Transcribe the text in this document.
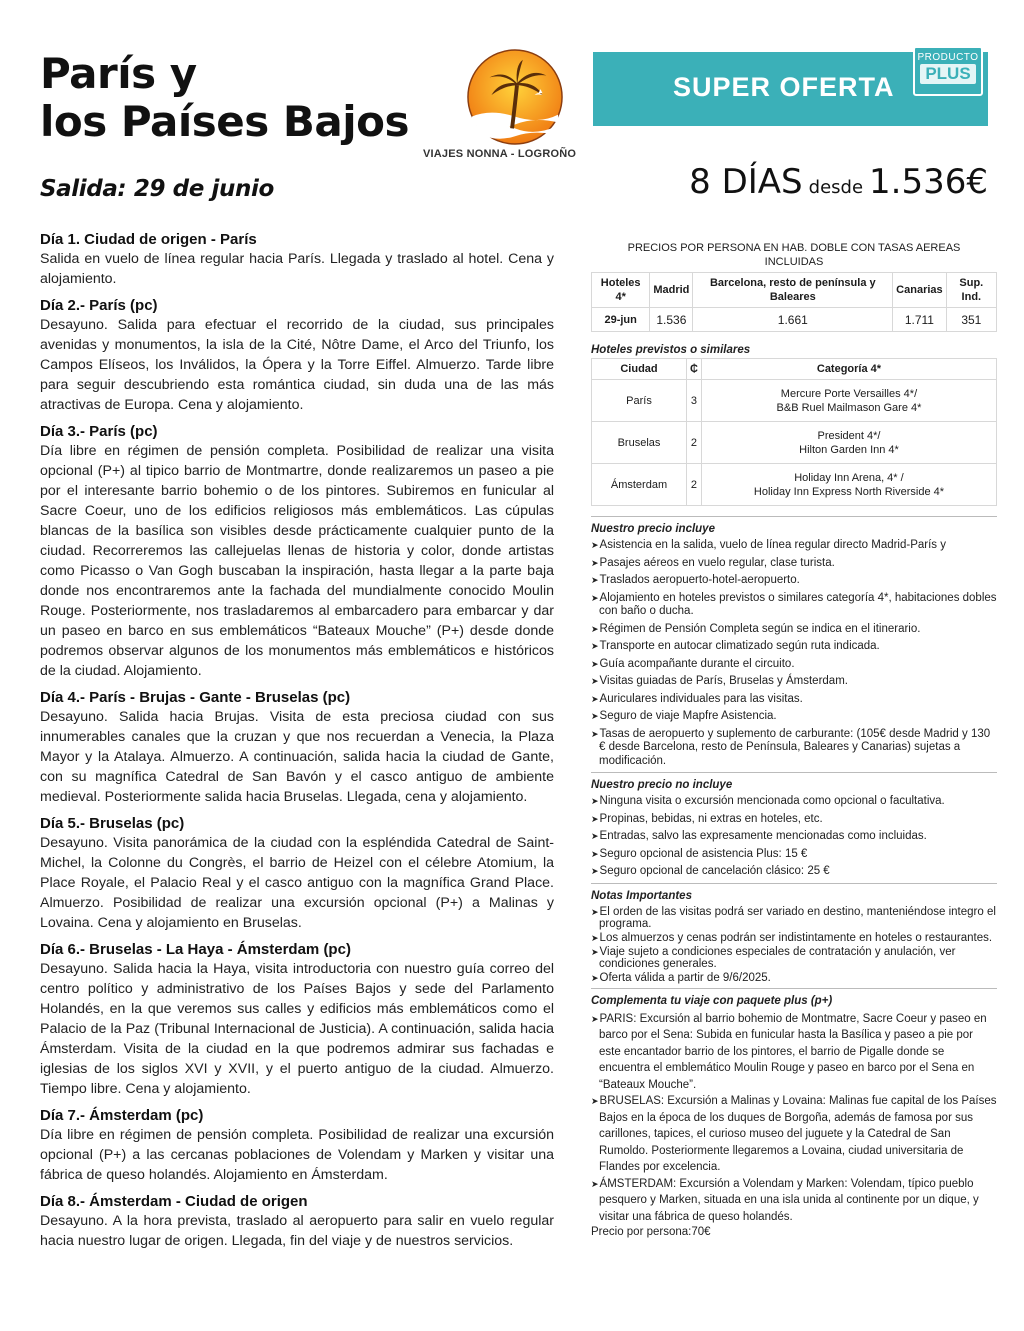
París y
los Países Bajos
VIAJES NONNA - LOGROÑO
Salida: 29 de junio
SUPER OFERTA
PRODUCTO
PLUS
8 DÍAS desde 1.536€
Día 1. Ciudad de origen - París

Salida en vuelo de línea regular hacia París. Llegada y traslado al hotel. Cena y alojamiento.

Día 2.- París (pc)

Desayuno. Salida para efectuar el recorrido de la ciudad, sus principales avenidas y monumentos, la isla de la Cité, Nôtre Dame, el Arco del Triunfo, los Campos Elíseos, los Inválidos, la Ópera y la Torre Eiffel. Almuerzo. Tarde libre para seguir descubriendo esta romántica ciudad, sin duda una de las más atractivas de Europa. Cena y alojamiento.

Día 3.- París (pc)

Día libre en régimen de pensión completa. Posibilidad de realizar una visita opcional (P+) al tipico barrio de Montmartre, donde realizaremos un paseo a pie por el interesante barrio bohemio o de los pintores. Subiremos en funicular al Sacre Coeur, uno de los edificios religiosos más emblemáticos. Las cúpulas blancas de la basílica son visibles desde prácticamente cualquier punto de la ciudad. Recorreremos las callejuelas llenas de historia y color, donde artistas como Picasso o Van Gogh buscaban la inspiración, hasta llegar a la parte baja donde nos encontraremos ante la fachada del mundialmente conocido Moulin Rouge. Posteriormente, nos trasladaremos al embarcadero para embarcar y dar un paseo en barco en sus emblemáticos “Bateaux Mouche” (P+) desde donde podremos observar algunos de los monumentos más emblemáticos e históricos de la ciudad. Alojamiento.

Día 4.- París - Brujas - Gante - Bruselas (pc)

Desayuno. Salida hacia Brujas. Visita de esta preciosa ciudad con sus innumerables canales que la cruzan y que nos recuerdan a Venecia, la Plaza Mayor y la Atalaya. Almuerzo. A continuación, salida hacia la ciudad de Gante, con su magnífica Catedral de San Bavón y el casco antiguo de ambiente medieval. Posteriormente salida hacia Bruselas. Llegada, cena y alojamiento.

Día 5.- Bruselas (pc)

Desayuno. Visita panorámica de la ciudad con la espléndida Catedral de Saint-Michel, la Colonne du Congrès, el barrio de Heizel con el célebre Atomium, la Place Royale, el Palacio Real y el casco antiguo con la magnífica Grand Place. Almuerzo. Posibilidad de realizar una excursión opcional (P+) a Malinas y Lovaina. Cena y alojamiento en Bruselas.

Día 6.- Bruselas - La Haya - Ámsterdam (pc)

Desayuno. Salida hacia la Haya, visita introductoria con nuestro guía correo del centro político y administrativo de los Países Bajos y sede del Parlamento Holandés, en la que veremos sus calles y edificios más emblemáticos como el Palacio de la Paz (Tribunal Internacional de Justicia). A continuación, salida hacia Ámsterdam. Visita de la ciudad en la que podremos admirar sus fachadas e iglesias de los siglos XVI y XVII, y el puerto antiguo de la ciudad. Almuerzo. Tiempo libre. Cena y alojamiento.

Día 7.- Ámsterdam (pc)

Día libre en régimen de pensión completa. Posibilidad de realizar una excursión opcional (P+) a las cercanas poblaciones de Volendam y Marken y visitar una fábrica de queso holandés. Alojamiento en Ámsterdam.

Día 8.- Ámsterdam - Ciudad de origen

Desayuno. A la hora prevista, traslado al aeropuerto para salir en vuelo regular hacia nuestro lugar de origen. Llegada, fin del viaje y de nuestros servicios.

PRECIOS POR PERSONA EN HAB. DOBLE CON TASAS AEREAS INCLUIDAS				
Hoteles 4*	Madrid	Barcelona, resto de península y Baleares	Canarias	Sup. Ind.
29-jun	1.536	1.661	1.711	351
Hoteles previstos o similares
Ciudad	₵	Categoría 4*
París	3	Mercure Porte Versailles 4*/
B&B Ruel Mailmason Gare 4*

Bruselas	2	President 4*/
Hilton Garden Inn 4*

Ámsterdam	2	Holiday Inn Arena, 4* /
Holiday Inn Express North Riverside 4*
Nuestro precio incluye
➤ Asistencia en la salida, vuelo de línea regular directo Madrid-París y
➤ Pasajes aéreos en vuelo regular, clase turista.
➤ Traslados aeropuerto-hotel-aeropuerto.
➤ Alojamiento en hoteles previstos o similares categoría 4*, habitaciones dobles con baño o ducha.
➤ Régimen de Pensión Completa según se indica en el itinerario.
➤ Transporte en autocar climatizado según ruta indicada.
➤ Guía acompañante durante el circuito.
➤ Visitas guiadas de París, Bruselas y Ámsterdam.
➤ Auriculares individuales para las visitas.
➤ Seguro de viaje Mapfre Asistencia.
➤ Tasas de aeropuerto y suplemento de carburante: (105€ desde Madrid y 130 € desde Barcelona, resto de Península, Baleares y Canarias) sujetas a modificación.
Nuestro precio no incluye
➤ Ninguna visita o excursión mencionada como opcional o facultativa.
➤ Propinas, bebidas, ni extras en hoteles, etc.
➤ Entradas, salvo las expresamente mencionadas como incluidas.
➤ Seguro opcional de asistencia Plus: 15 €
➤ Seguro opcional de cancelación clásico: 25 €
Notas Importantes
➤ El orden de las visitas podrá ser variado en destino, manteniéndose integro el programa.
➤ Los almuerzos y cenas podrán ser indistintamente en hoteles o restaurantes.
➤ Viaje sujeto a condiciones especiales de contratación y anulación, ver condiciones generales.
➤ Oferta válida a partir de 9/6/2025.
Complementa tu viaje con paquete plus (p+)
➤ PARIS: Excursión al barrio bohemio de Montmatre, Sacre Coeur y paseo en barco por el Sena: Subida en funicular hasta la Basílica y paseo a pie por este encantador barrio de los pintores, el barrio de Pigalle donde se encuentra el emblemático Moulin Rouge y paseo en barco por el Sena en “Bateaux Mouche”.
➤ BRUSELAS: Excursión a Malinas y Lovaina: Malinas fue capital de los Países Bajos en la época de los duques de Borgoña, además de famosa por sus carillones, tapices, el curioso museo del juguete y la Catedral de San Rumoldo. Posteriormente llegaremos a Lovaina, ciudad universitaria de Flandes por excelencia.
➤ ÁMSTERDAM: Excursión a Volendam y Marken: Volendam, típico pueblo pesquero y Marken, situada en una isla unida al continente por un dique, y visitar una fábrica de queso holandés.
Precio por persona:70€
